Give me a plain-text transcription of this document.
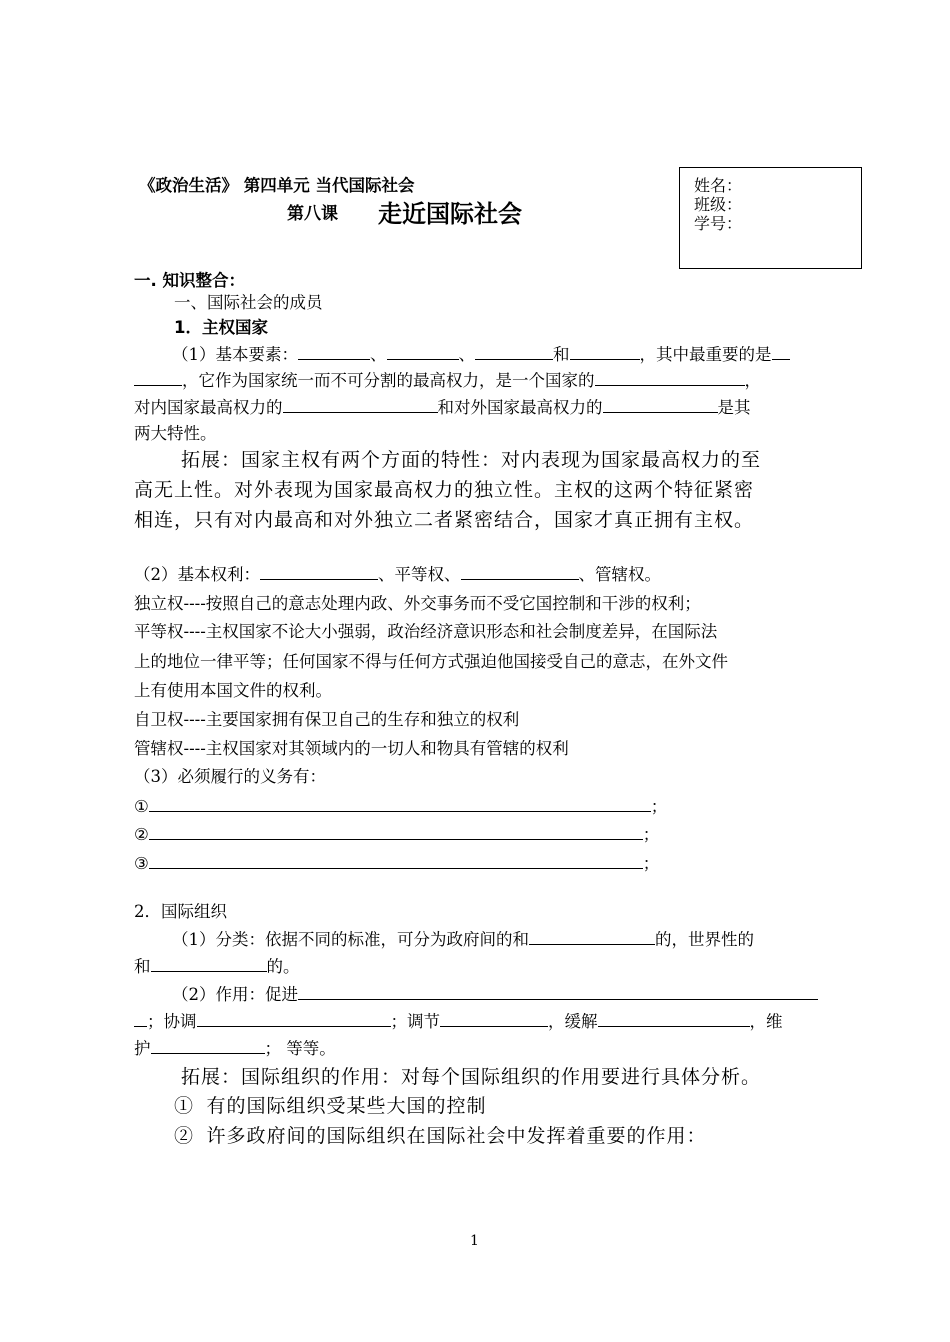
《政治生活》 第四单元 当代国际社会
第八课 走近国际社会
姓名：
班级：
学号：
一. 知识整合：
一、国际社会的成员
1．主权国家
（1）基本要素：	、	、	和	，其中最重要的是
，它作为国家统一而不可分割的最高权力，是一个国家的	，
对内国家最高权力的	和对外国家最高权力的	是其
两大特性。
拓展：国家主权有两个方面的特性：对内表现为国家最高权力的至
高无上性。对外表现为国家最高权力的独立性。主权的这两个特征紧密
相连，只有对内最高和对外独立二者紧密结合，国家才真正拥有主权。
（2）基本权利：	、平等权、	、管辖权。
独立权----按照自己的意志处理内政、外交事务而不受它国控制和干涉的权利；
平等权----主权国家不论大小强弱，政治经济意识形态和社会制度差异，在国际法
上的地位一律平等；任何国家不得与任何方式强迫他国接受自己的意志，在外文件
上有使用本国文件的权利。
自卫权----主要国家拥有保卫自己的生存和独立的权利
管辖权----主权国家对其领域内的一切人和物具有管辖的权利
（3）必须履行的义务有：
①	；
②	；
③	；
2．国际组织
（1）分类：依据不同的标准，可分为政府间的和	的，世界性的
和	的。
（2）作用：促进
；协调	；调节	，缓解	，维
护	； 等等。
拓展：国际组织的作用：对每个国际组织的作用要进行具体分析。
① 有的国际组织受某些大国的控制
② 许多政府间的国际组织在国际社会中发挥着重要的作用：
1
